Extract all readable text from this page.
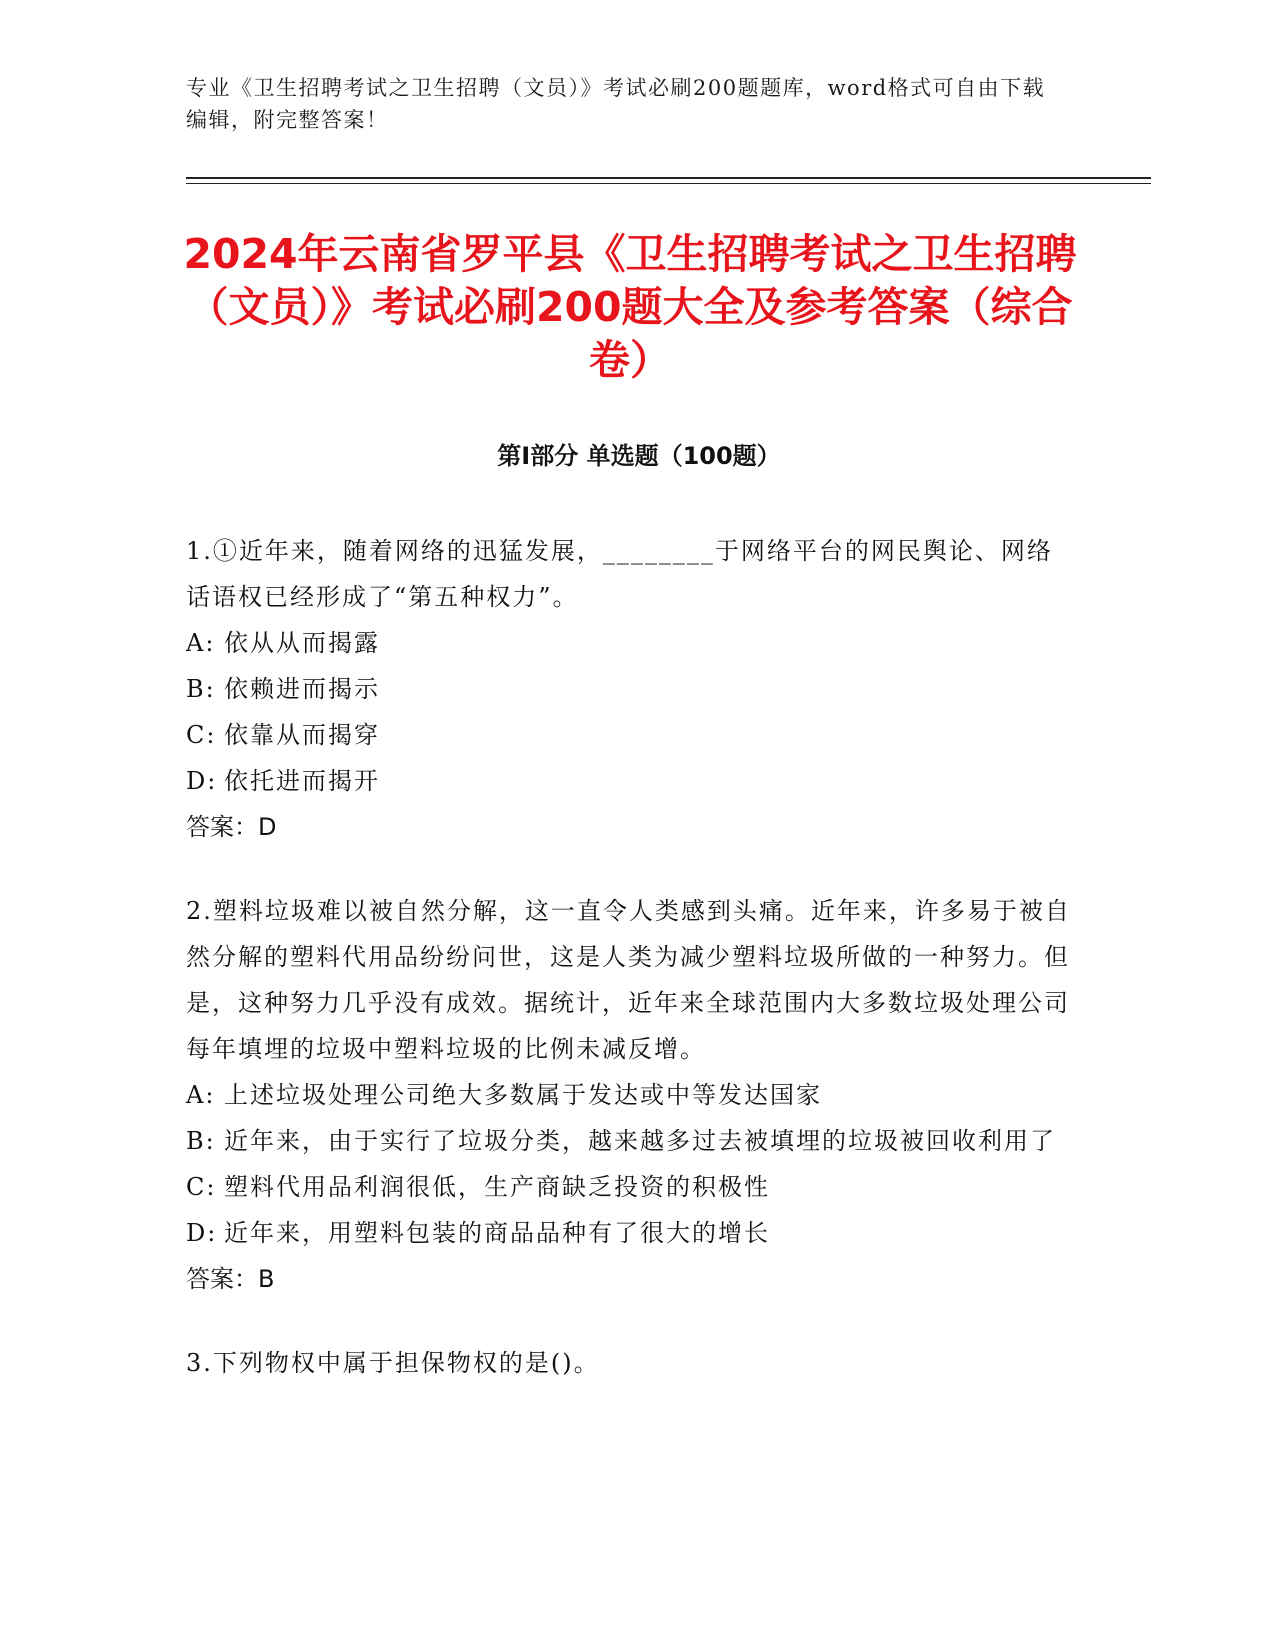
专业《卫生招聘考试之卫生招聘（文员）》考试必刷200题题库，word格式可自由下载编辑，附完整答案！
2024年云南省罗平县《卫生招聘考试之卫生招聘（文员）》考试必刷200题大全及参考答案（综合卷）
第Ⅰ部分 单选题（100题）

1.①近年来，随着网络的迅猛发展，________于网络平台的网民舆论、网络话语权已经形成了“第五种权力”。

A: 依从从而揭露

B: 依赖进而揭示

C: 依靠从而揭穿

D: 依托进而揭开

答案：D

2.塑料垃圾难以被自然分解，这一直令人类感到头痛。近年来，许多易于被自然分解的塑料代用品纷纷问世，这是人类为减少塑料垃圾所做的一种努力。但是，这种努力几乎没有成效。据统计，近年来全球范围内大多数垃圾处理公司每年填埋的垃圾中塑料垃圾的比例未减反增。

A: 上述垃圾处理公司绝大多数属于发达或中等发达国家

B: 近年来，由于实行了垃圾分类，越来越多过去被填埋的垃圾被回收利用了

C: 塑料代用品利润很低，生产商缺乏投资的积极性

D: 近年来，用塑料包装的商品品种有了很大的增长

答案：B

3.下列物权中属于担保物权的是()。
